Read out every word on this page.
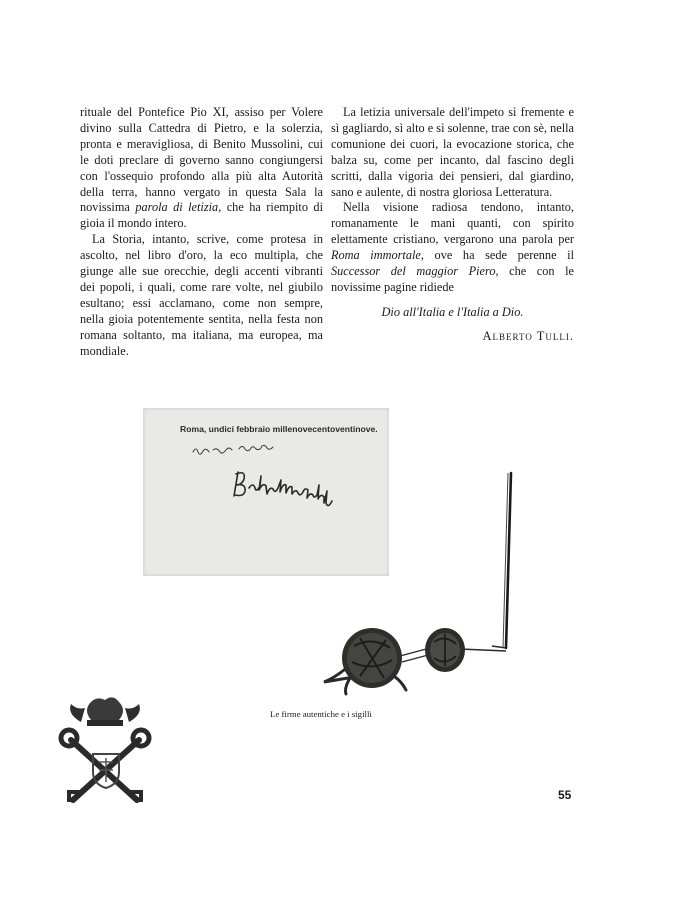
rituale del Pontefice Pio XI, assiso per Volere divino sulla Cattedra di Pietro, e la solerzia, pronta e meravigliosa, di Benito Mussolini, cui le doti preclare di governo sanno congiungersi con l'ossequio profondo alla più alta Autorità della terra, hanno vergato in questa Sala la novissima parola di letizia, che ha riempito di gioia il mondo intero.

La Storia, intanto, scrive, come protesa in ascolto, nel libro d'oro, la eco multipla, che giunge alle sue orecchie, degli accenti vibranti dei popoli, i quali, come rare volte, nel giubilo esultano; essi acclamano, come non sempre, nella gioia potentemente sentita, nella festa non romana soltanto, ma italiana, ma europea, ma mondiale.

La letizia universale dell'impeto sì fremente e sì gagliardo, sì alto e sì solenne, trae con sè, nella comunione dei cuori, la evocazione storica, che balza su, come per incanto, dal fascino degli scritti, dalla vigoria dei pensieri, dal giardino, sano e aulente, di nostra gloriosa Letteratura.

Nella visione radiosa tendono, intanto, romanamente le mani quanti, con spirito elettamente cristiano, vergarono una parola per Roma immortale, ove ha sede perenne il Successor del maggior Piero, che con le novissime pagine ridiede

Dio all'Italia e l'Italia a Dio.

Alberto Tulli.

Roma, undici febbraio millenovecentoventinove.
Le firme autentiche e i sigilli
55
